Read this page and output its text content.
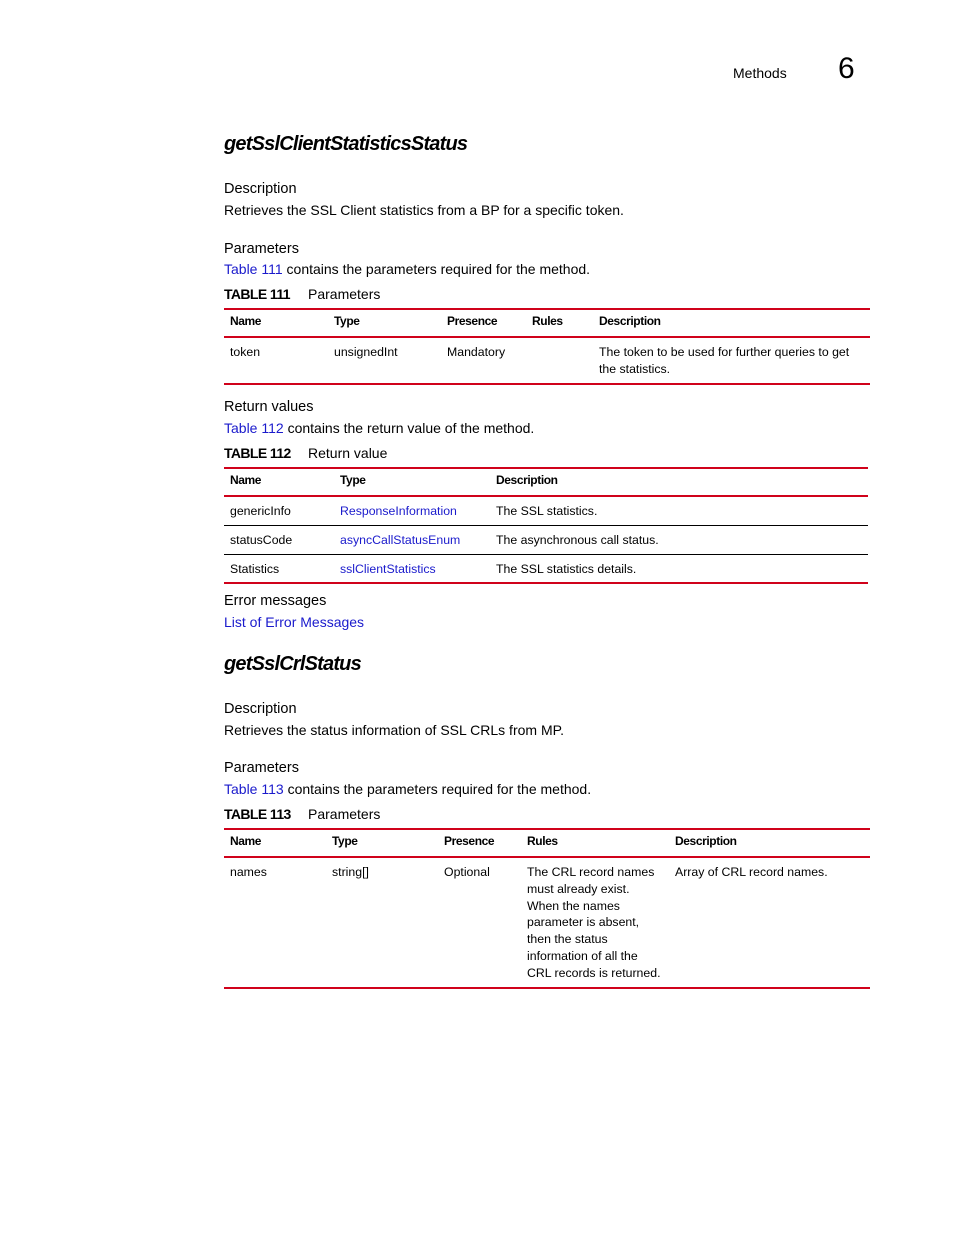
Methods 6
getSslClientStatisticsStatus
Description
Retrieves the SSL Client statistics from a BP for a specific token.
Parameters
Table 111 contains the parameters required for the method.
TABLE 111 Parameters
Name	Type	Presence	Rules	Description
token	unsignedInt	Mandatory		The token to be used for further queries to get the statistics.
Return values
Table 112 contains the return value of the method.
TABLE 112 Return value
Name	Type	Description
genericInfo	ResponseInformation	The SSL statistics.
statusCode	asyncCallStatusEnum	The asynchronous call status.
Statistics	sslClientStatistics	The SSL statistics details.
Error messages
List of Error Messages
getSslCrlStatus
Description
Retrieves the status information of SSL CRLs from MP.
Parameters
Table 113 contains the parameters required for the method.
TABLE 113 Parameters
Name	Type	Presence	Rules	Description
names	string[]	Optional	The CRL record names must already exist. When the names parameter is absent, then the status information of all the CRL records is returned.	Array of CRL record names.
